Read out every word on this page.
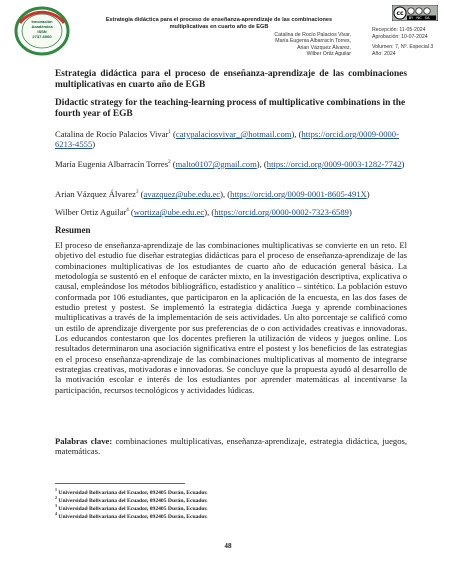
Innovación
Académica
ISSN
2737-6060
Estrategia didáctica para el proceso de enseñanza-aprendizaje de las combinaciones multiplicativas en cuarto año de EGB
Catalina de Rocío Palacios Vivar,
María Eugenia Albarracín Torres,
Arian Vázquez Álvarez,
Wilber Ortiz Aguilar
cc
BY NC SA
Recepción: 11-05-2024
Aprobación: 10-07-2024
Volumen: 7, Nº. Especial 3
Año: 2024
Estrategia didáctica para el proceso de enseñanza-aprendizaje de las combinaciones multiplicativas en cuarto año de EGB
Didactic strategy for the teaching-learning process of multiplicative combinations in the fourth year of EGB
Catalina de Rocío Palacios Vivar$^1$ (catypalaciosvivar_@hotmail.com), (https://orcid.org/0009-0000-6213-4555)
María Eugenia Albarracín Torres$^2$ (malto0107@gmail.com), (https://orcid.org/0009-0003-1282-7742)
Arian Vázquez Álvarez$^3$ (avazquez@ube.edu.ec), (https://orcid.org/0009-0001-8605-491X)
Wilber Ortiz Aguilar$^4$ (wortiza@ube.edu.ec), (https://orcid.org/0000-0002-7323-6589)
Resumen
El proceso de enseñanza-aprendizaje de las combinaciones multiplicativas se convierte en un reto. El objetivo del estudio fue diseñar estrategias didácticas para el proceso de enseñanza-aprendizaje de las combinaciones multiplicativas de los estudiantes de cuarto año de educación general básica. La metodología se sustentó en el enfoque de carácter mixto, en la investigación descriptiva, explicativa o causal, empleándose los métodos bibliográfico, estadístico y analítico – sintético. La población estuvo conformada por 106 estudiantes, que participaron en la aplicación de la encuesta, en las dos fases de estudio pretest y postest. Se implementó la estrategia didáctica Juega y aprende combinaciones multiplicativas a través de la implementación de seis actividades. Un alto porcentaje se calificó como un estilo de aprendizaje divergente por sus preferencias de o con actividades creativas e innovadoras. Los educandos contestaron que los docentes prefieren la utilización de videos y juegos online. Los resultados determinaron una asociación significativa entre el postest y los beneficios de las estrategias en el proceso enseñanza-aprendizaje de las combinaciones multiplicativas al momento de integrarse estrategias creativas, motivadoras e innovadoras. Se concluye que la propuesta ayudó al desarrollo de la motivación escolar e interés de los estudiantes por aprender matemáticas al incentivarse la participación, recursos tecnológicos y actividades lúdicas.
Palabras clave: combinaciones multiplicativas, enseñanza-aprendizaje, estrategia didáctica, juegos, matemáticas.
$^1$ Universidad Bolivariana del Ecuador, 092405 Durán, Ecuador.
$^2$ Universidad Bolivariana del Ecuador, 092405 Durán, Ecuador.
$^3$ Universidad Bolivariana del Ecuador, 092405 Durán, Ecuador.
$^4$ Universidad Bolivariana del Ecuador, 092405 Durán, Ecuador.
48
